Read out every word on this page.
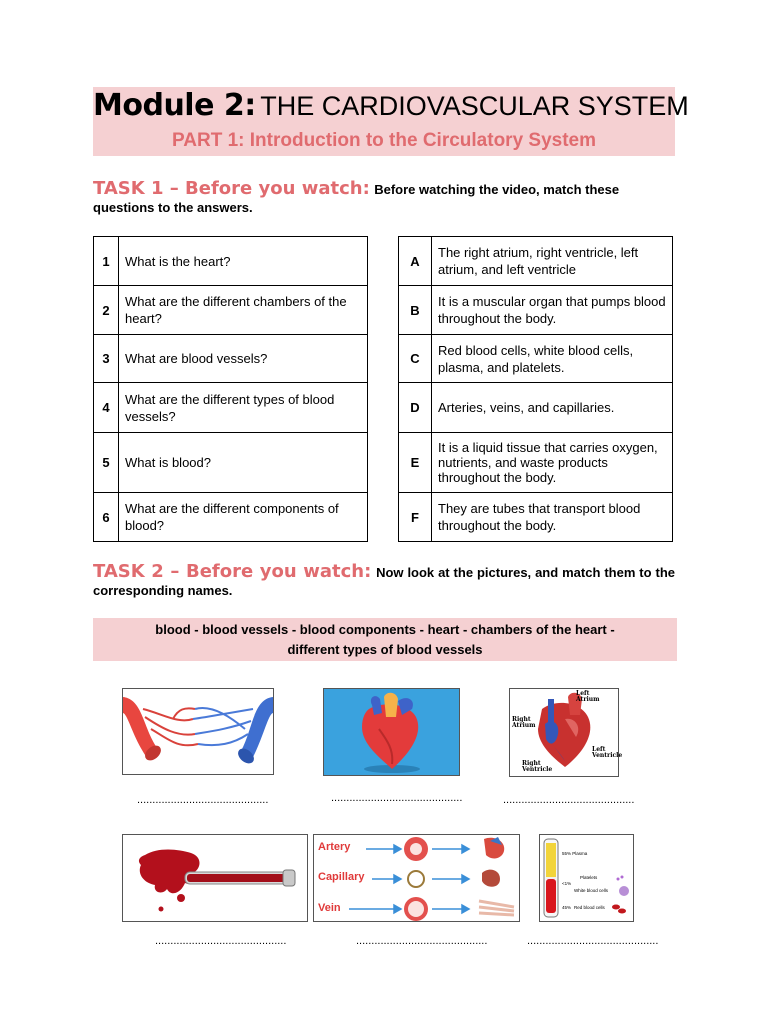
Module 2: THE CARDIOVASCULAR SYSTEM
PART 1: Introduction to the Circulatory System
TASK 1 – Before you watch: Before watching the video, match these questions to the answers.
1	What is the heart?
2	What are the different chambers of the heart?
3	What are blood vessels?
4	What are the different types of blood vessels?
5	What is blood?
6	What are the different components of blood?
A	The right atrium, right ventricle, left atrium, and left ventricle
B	It is a muscular organ that pumps blood throughout the body.
C	Red blood cells, white blood cells, plasma, and platelets.
D	Arteries, veins, and capillaries.
E	It is a liquid tissue that carries oxygen, nutrients, and waste products throughout the body.
F	They are tubes that transport blood throughout the body.
TASK 2 – Before you watch: Now look at the pictures, and match them to the corresponding names.
blood - blood vessels - blood components - heart - chambers of the heart -
different types of blood vessels
...........................................	...........................................
Left Atrium
Right Atrium
Left Ventricle
Right Ventricle
...........................................
...........................................
Artery
Capillary
Vein
...........................................
55% Plasma
<1%
Platelets
White blood cells
45% Red blood cells
...........................................
